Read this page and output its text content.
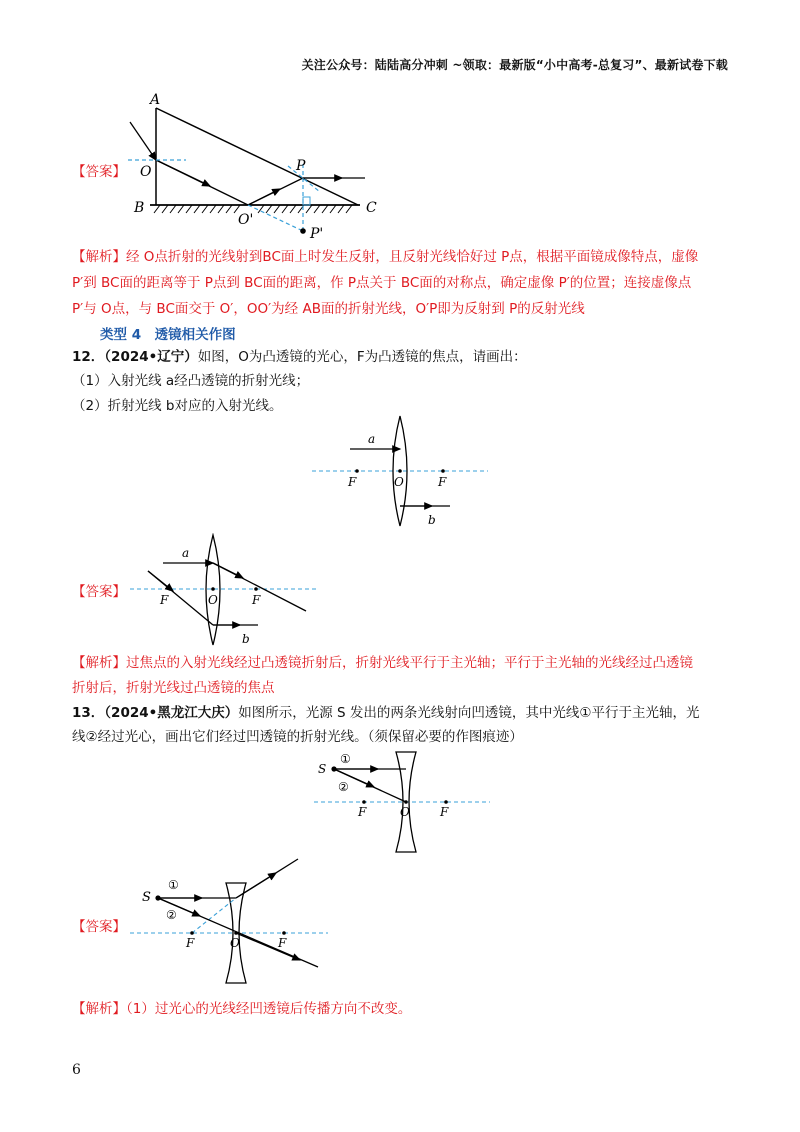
关注公众号：陆陆高分冲刺 ~领取：最新版“小中高考-总复习”、最新试卷下载
【答案】
A
O	P
B
O'
C
P'
【解析】经 O点折射的光线射到BC面上时发生反射，且反射光线恰好过 P点，根据平面镜成像特点，虚像
P′到 BC面的距离等于 P点到 BC面的距离，作 P点关于 BC面的对称点，确定虚像 P′的位置；连接虚像点
P′与 O点，与 BC面交于 O′，OO′为经 AB面的折射光线，O′P即为反射到 P的反射光线
类型 4　透镜相关作图
12．（2024•辽宁）如图，O为凸透镜的光心，F为凸透镜的焦点，请画出：
（1）入射光线 a经凸透镜的折射光线；
（2）折射光线 b对应的入射光线。
a
b
F	O	F
【答案】
a
b
F	O	F
【解析】过焦点的入射光线经过凸透镜折射后，折射光线平行于主光轴；平行于主光轴的光线经过凸透镜
折射后，折射光线过凸透镜的焦点
13．（2024•黑龙江大庆）如图所示，光源 S 发出的两条光线射向凹透镜，其中光线①平行于主光轴，光
线②经过光心，画出它们经过凹透镜的折射光线。（须保留必要的作图痕迹）
S
①
②
F	O	F
【答案】
S
①
②
F	O	F
【解析】（1）过光心的光线经凹透镜后传播方向不改变。
6
